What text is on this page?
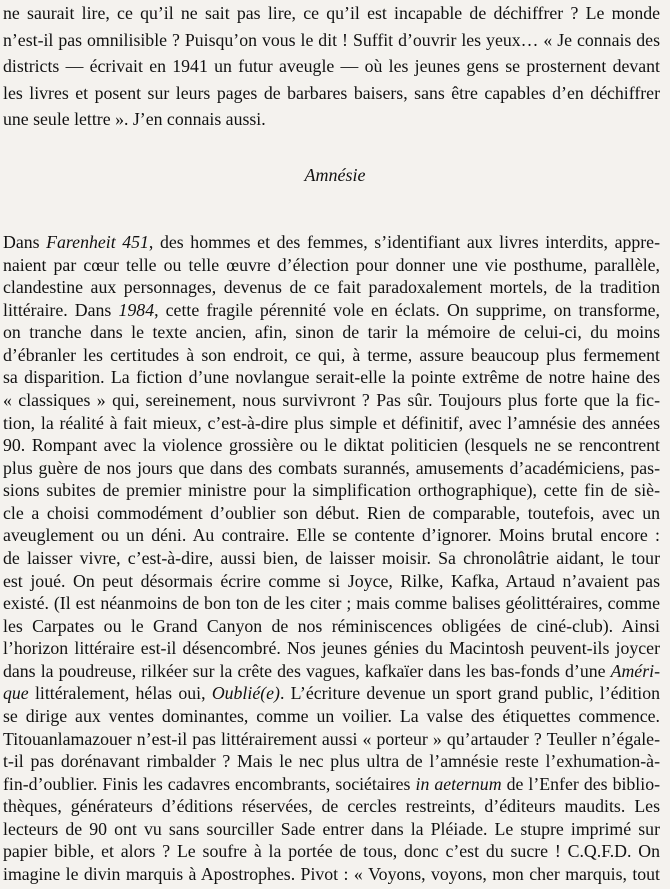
ne saurait lire, ce qu’il ne sait pas lire, ce qu’il est incapable de déchiffrer ? Le monde
n’est-il pas omnilisible ? Puisqu’on vous le dit ! Suffit d’ouvrir les yeux… « Je connais des
districts — écrivait en 1941 un futur aveugle — où les jeunes gens se prosternent devant
les livres et posent sur leurs pages de barbares baisers, sans être capables d’en déchiffrer
une seule lettre ». J’en connais aussi.
Amnésie
Dans Farenheit 451, des hommes et des femmes, s’identifiant aux livres interdits, appre-
naient par cœur telle ou telle œuvre d’élection pour donner une vie posthume, parallèle,
clandestine aux personnages, devenus de ce fait paradoxalement mortels, de la tradition
littéraire. Dans 1984, cette fragile pérennité vole en éclats. On supprime, on transforme,
on tranche dans le texte ancien, afin, sinon de tarir la mémoire de celui-ci, du moins
d’ébranler les certitudes à son endroit, ce qui, à terme, assure beaucoup plus fermement
sa disparition. La fiction d’une novlangue serait-elle la pointe extrême de notre haine des
« classiques » qui, sereinement, nous survivront ? Pas sûr. Toujours plus forte que la fic-
tion, la réalité à fait mieux, c’est-à-dire plus simple et définitif, avec l’amnésie des années
90. Rompant avec la violence grossière ou le diktat politicien (lesquels ne se rencontrent
plus guère de nos jours que dans des combats surannés, amusements d’académiciens, pas-
sions subites de premier ministre pour la simplification orthographique), cette fin de siè-
cle a choisi commodément d’oublier son début. Rien de comparable, toutefois, avec un
aveuglement ou un déni. Au contraire. Elle se contente d’ignorer. Moins brutal encore :
de laisser vivre, c’est-à-dire, aussi bien, de laisser moisir. Sa chronolâtrie aidant, le tour
est joué. On peut désormais écrire comme si Joyce, Rilke, Kafka, Artaud n’avaient pas
existé. (Il est néanmoins de bon ton de les citer ; mais comme balises géolittéraires, comme
les Carpates ou le Grand Canyon de nos réminiscences obligées de ciné-club). Ainsi
l’horizon littéraire est-il désencombré. Nos jeunes génies du Macintosh peuvent-ils joycer
dans la poudreuse, rilkéer sur la crête des vagues, kafkaïer dans les bas-fonds d’une Améri-
que littéralement, hélas oui, Oublié(e). L’écriture devenue un sport grand public, l’édition
se dirige aux ventes dominantes, comme un voilier. La valse des étiquettes commence.
Titouanlamazouer n’est-il pas littérairement aussi « porteur » qu’artauder ? Teuller n’égale-
t-il pas dorénavant rimbalder ? Mais le nec plus ultra de l’amnésie reste l’exhumation-à-
fin-d’oublier. Finis les cadavres encombrants, sociétaires in aeternum de l’Enfer des biblio-
thèques, générateurs d’éditions réservées, de cercles restreints, d’éditeurs maudits. Les
lecteurs de 90 ont vu sans sourciller Sade entrer dans la Pléiade. Le stupre imprimé sur
papier bible, et alors ? Le soufre à la portée de tous, donc c’est du sucre ! C.Q.F.D. On
imagine le divin marquis à Apostrophes. Pivot : « Voyons, voyons, mon cher marquis, tout
